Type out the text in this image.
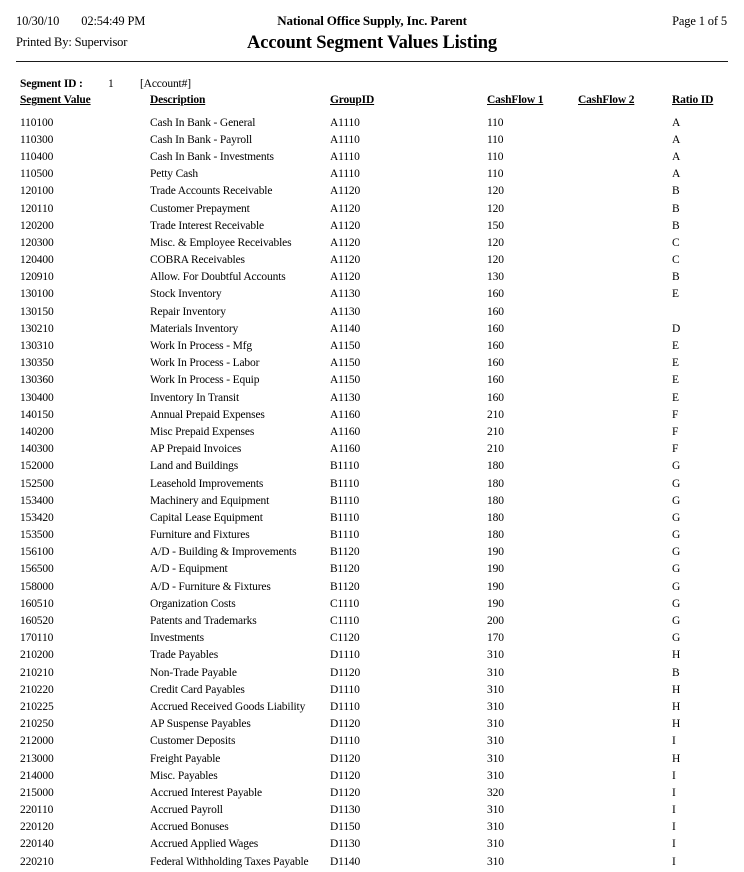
10/30/10 02:54:49 PM
Printed By: Supervisor
National Office Supply, Inc. Parent
Account Segment Values Listing
Page 1 of 5
Segment ID : 1 [Account#]
Segment Value	Description	GroupID	CashFlow 1	CashFlow 2	Ratio ID
110100	Cash In Bank - General	A1110	110		A
110300	Cash In Bank - Payroll	A1110	110		A
110400	Cash In Bank - Investments	A1110	110		A
110500	Petty Cash	A1110	110		A
120100	Trade Accounts Receivable	A1120	120		B
120110	Customer Prepayment	A1120	120		B
120200	Trade Interest Receivable	A1120	150		B
120300	Misc. & Employee Receivables	A1120	120		C
120400	COBRA Receivables	A1120	120		C
120910	Allow. For Doubtful Accounts	A1120	130		B
130100	Stock Inventory	A1130	160		E
130150	Repair Inventory	A1130	160		
130210	Materials Inventory	A1140	160		D
130310	Work In Process - Mfg	A1150	160		E
130350	Work In Process - Labor	A1150	160		E
130360	Work In Process - Equip	A1150	160		E
130400	Inventory In Transit	A1130	160		E
140150	Annual Prepaid Expenses	A1160	210		F
140200	Misc Prepaid Expenses	A1160	210		F
140300	AP Prepaid Invoices	A1160	210		F
152000	Land and Buildings	B1110	180		G
152500	Leasehold Improvements	B1110	180		G
153400	Machinery and Equipment	B1110	180		G
153420	Capital Lease Equipment	B1110	180		G
153500	Furniture and Fixtures	B1110	180		G
156100	A/D - Building & Improvements	B1120	190		G
156500	A/D - Equipment	B1120	190		G
158000	A/D - Furniture & Fixtures	B1120	190		G
160510	Organization Costs	C1110	190		G
160520	Patents and Trademarks	C1110	200		G
170110	Investments	C1120	170		G
210200	Trade Payables	D1110	310		H
210210	Non-Trade Payable	D1120	310		B
210220	Credit Card Payables	D1110	310		H
210225	Accrued Received Goods Liability	D1110	310		H
210250	AP Suspense Payables	D1120	310		H
212000	Customer Deposits	D1110	310		I
213000	Freight Payable	D1120	310		H
214000	Misc. Payables	D1120	310		I
215000	Accrued Interest Payable	D1120	320		I
220110	Accrued Payroll	D1130	310		I
220120	Accrued Bonuses	D1150	310		I
220140	Accrued Applied Wages	D1130	310		I
220210	Federal Withholding Taxes Payable	D1140	310		I
